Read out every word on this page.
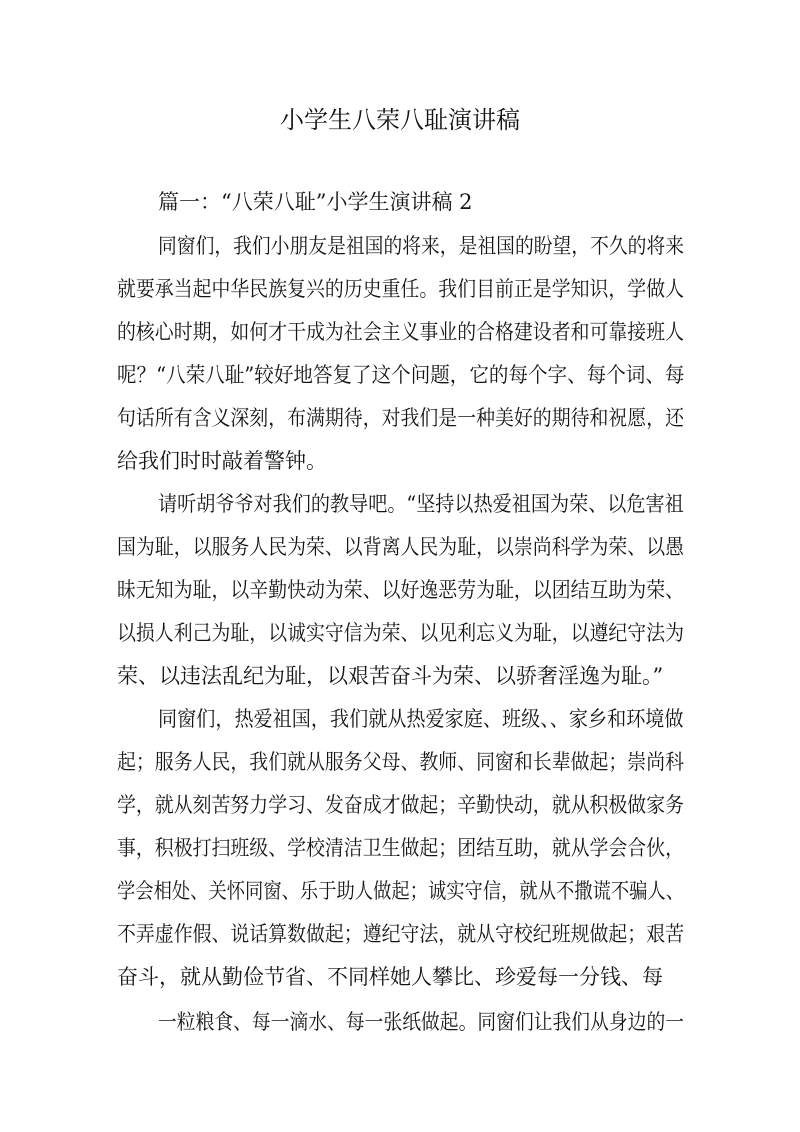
小学生八荣八耻演讲稿
篇一：“八荣八耻”小学生演讲稿 2
同窗们，我们小朋友是祖国的将来，是祖国的盼望，不久的将来
就要承当起中华民族复兴的历史重任。我们目前正是学知识，学做人
的核心时期，如何才干成为社会主义事业的合格建设者和可靠接班人
呢？“八荣八耻”较好地答复了这个问题，它的每个字、每个词、每
句话所有含义深刻，布满期待，对我们是一种美好的期待和祝愿，还
给我们时时敲着警钟。
请听胡爷爷对我们的教导吧。“坚持以热爱祖国为荣、以危害祖
国为耻，以服务人民为荣、以背离人民为耻，以崇尚科学为荣、以愚
昧无知为耻，以辛勤快动为荣、以好逸恶劳为耻，以团结互助为荣、
以损人利己为耻，以诚实守信为荣、以见利忘义为耻，以遵纪守法为
荣、以违法乱纪为耻，以艰苦奋斗为荣、以骄奢淫逸为耻。”
同窗们，热爱祖国，我们就从热爱家庭、班级、、家乡和环境做
起；服务人民，我们就从服务父母、教师、同窗和长辈做起；崇尚科
学，就从刻苦努力学习、发奋成才做起；辛勤快动，就从积极做家务
事，积极打扫班级、学校清洁卫生做起；团结互助，就从学会合伙，
学会相处、关怀同窗、乐于助人做起；诚实守信，就从不撒谎不骗人、
不弄虚作假、说话算数做起；遵纪守法，就从守校纪班规做起；艰苦
奋斗，就从勤俭节省、不同样她人攀比、珍爱每一分钱、每
一粒粮食、每一滴水、每一张纸做起。同窗们让我们从身边的一
